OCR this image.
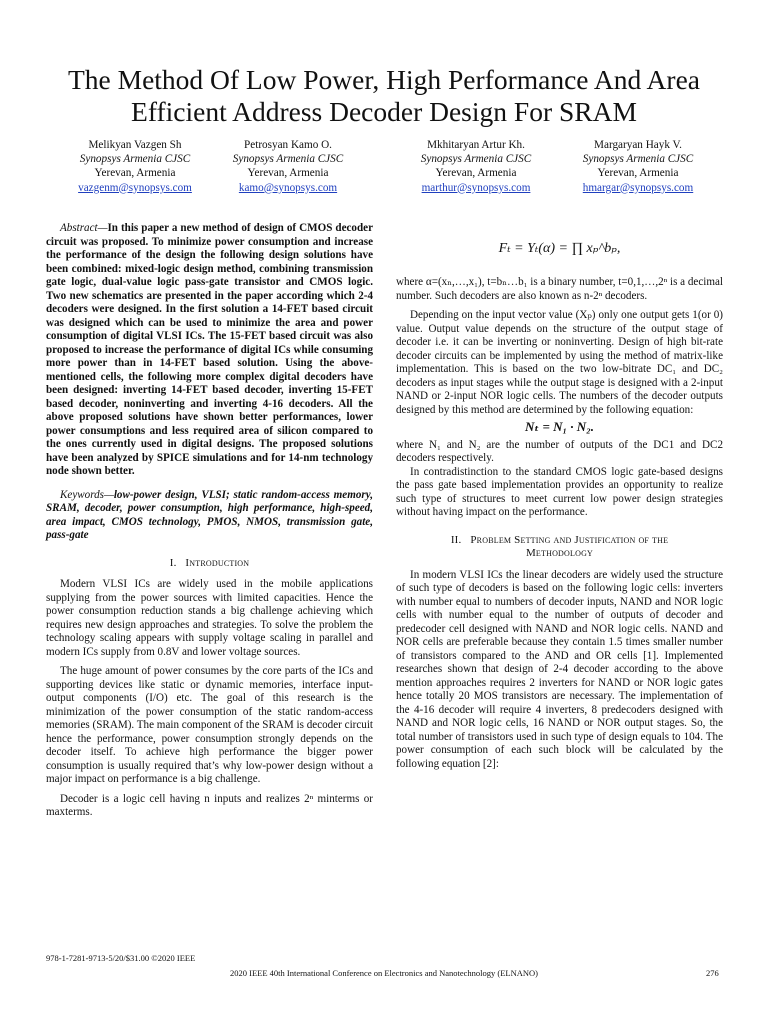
The Method Of Low Power, High Performance And Area Efficient Address Decoder Design For SRAM
Melikyan Vazgen Sh
Synopsys Armenia CJSC
Yerevan, Armenia
vazgenm@synopsys.com
Petrosyan Kamo O.
Synopsys Armenia CJSC
Yerevan, Armenia
kamo@synopsys.com
Mkhitaryan Artur Kh.
Synopsys Armenia CJSC
Yerevan, Armenia
marthur@synopsys.com
Margaryan Hayk V.
Synopsys Armenia CJSC
Yerevan, Armenia
hmargar@synopsys.com

Abstract—In this paper a new method of design of CMOS decoder circuit was proposed. To minimize power consumption and increase the performance of the design the following design solutions have been combined: mixed-logic design method, combining transmission gate logic, dual-value logic pass-gate transistor and CMOS logic. Two new schematics are presented in the paper according which 2-4 decoders were designed. In the first solution a 14-FET based circuit was designed which can be used to minimize the area and power consumption of digital VLSI ICs. The 15-FET based circuit was also proposed to increase the performance of digital ICs while consuming more power than in 14-FET based solution. Using the above-mentioned cells, the following more complex digital decoders have been designed: inverting 14-FET based decoder, inverting 15-FET based decoder, noninverting and inverting 4-16 decoders. All the above proposed solutions have shown better performances, lower power consumptions and less required area of silicon compared to the ones currently used in digital designs. The proposed solutions have been analyzed by SPICE simulations and for 14-nm technology node shown better.

Keywords—low-power design, VLSI; static random-access memory, SRAM, decoder, power consumption, high performance, high-speed, area impact, CMOS technology, PMOS, NMOS, transmission gate, pass-gate

I. Introduction

Modern VLSI ICs are widely used in the mobile applications supplying from the power sources with limited capacities. Hence the power consumption reduction stands a big challenge achieving which requires new design approaches and strategies. To solve the problem the technology scaling appears with supply voltage scaling in parallel and modern ICs supply from 0.8V and lower voltage sources.

The huge amount of power consumes by the core parts of the ICs and supporting devices like static or dynamic memories, interface input-output components (I/O) etc. The goal of this research is the minimization of the power consumption of the static random-access memories (SRAM). The main component of the SRAM is decoder circuit hence the performance, power consumption strongly depends on the decoder itself. To achieve high performance the bigger power consumption is usually required that’s why low-power design without a major impact on performance is a big challenge.

Decoder is a logic cell having n inputs and realizes 2ⁿ minterms or maxterms.

Fₜ = Yₜ(α) = ∏ xₚ^bₚ,

where α=(xₙ,…,x₁), t=bₙ…b₁ is a binary number, t=0,1,…,2ⁿ is a decimal number. Such decoders are also known as n-2ⁿ decoders.

Depending on the input vector value (Xₚ) only one output gets 1(or 0) value. Output value depends on the structure of the output stage of decoder i.e. it can be inverting or noninverting. Design of high bit-rate decoder circuits can be implemented by using the method of matrix-like implementation. This is based on the two low-bitrate DC₁ and DC₂ decoders as input stages while the output stage is designed with a 2-input NAND or 2-input NOR logic cells. The numbers of the decoder outputs designed by this method are determined by the following equation:

Nₜ = N₁ · N₂.

where N₁ and N₂ are the number of outputs of the DC1 and DC2 decoders respectively.

In contradistinction to the standard CMOS logic gate-based designs the pass gate based implementation provides an opportunity to realize such type of structures to meet current low power design strategies without having impact on the performance.

II. Problem Setting and Justification of the Methodology

In modern VLSI ICs the linear decoders are widely used the structure of such type of decoders is based on the following logic cells: inverters with number equal to numbers of decoder inputs, NAND and NOR logic cells with number equal to the number of outputs of decoder and predecoder cell designed with NAND and NOR logic cells. NAND and NOR cells are preferable because they contain 1.5 times smaller number of transistors compared to the AND and OR cells [1]. Implemented researches shown that design of 2-4 decoder according to the above mention approaches requires 2 inverters for NAND or NOR logic gates hence totally 20 MOS transistors are necessary. The implementation of the 4-16 decoder will require 4 inverters, 8 predecoders designed with NAND and NOR logic cells, 16 NAND or NOR output stages. So, the total number of transistors used in such type of design equals to 104. The power consumption of each such block will be calculated by the following equation [2]:

978-1-7281-9713-5/20/$31.00 ©2020 IEEE
2020 IEEE 40th International Conference on Electronics and Nanotechnology (ELNANO)	276
